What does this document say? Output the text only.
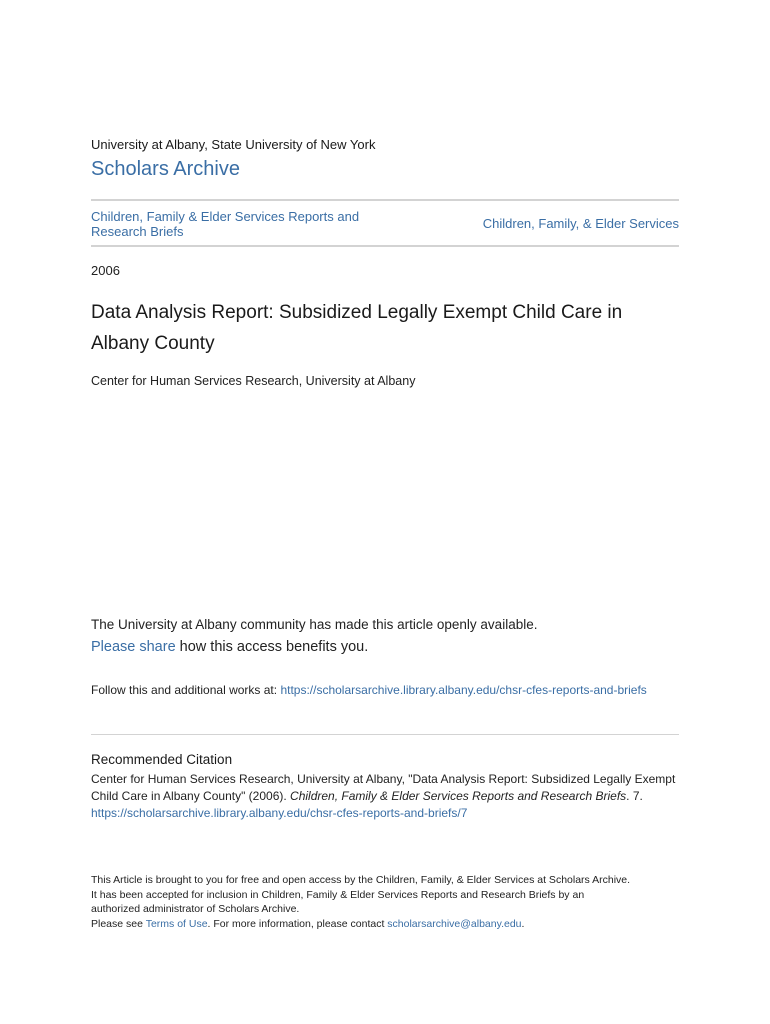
University at Albany, State University of New York
Scholars Archive
Children, Family & Elder Services Reports and Research Briefs
Children, Family, & Elder Services
2006
Data Analysis Report: Subsidized Legally Exempt Child Care in Albany County
Center for Human Services Research, University at Albany
The University at Albany community has made this article openly available.
Please share how this access benefits you.
Follow this and additional works at: https://scholarsarchive.library.albany.edu/chsr-cfes-reports-and-briefs
Recommended Citation
Center for Human Services Research, University at Albany, "Data Analysis Report: Subsidized Legally Exempt Child Care in Albany County" (2006). Children, Family & Elder Services Reports and Research Briefs. 7.
https://scholarsarchive.library.albany.edu/chsr-cfes-reports-and-briefs/7
This Article is brought to you for free and open access by the Children, Family, & Elder Services at Scholars Archive.
It has been accepted for inclusion in Children, Family & Elder Services Reports and Research Briefs by an
authorized administrator of Scholars Archive.
Please see Terms of Use. For more information, please contact scholarsarchive@albany.edu.
